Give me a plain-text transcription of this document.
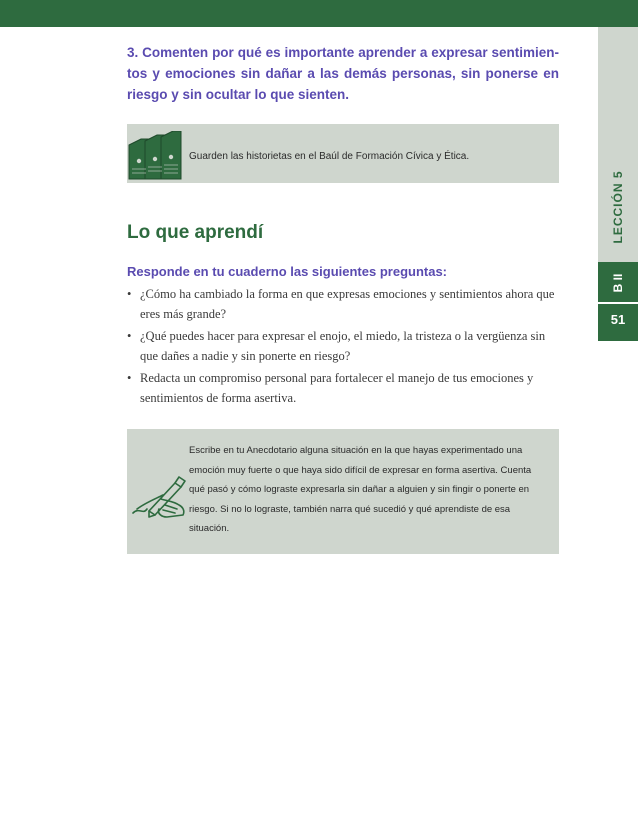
LECCIÓN 5
B II
51

3. Comenten por qué es importante aprender a expresar sentimientos y emociones sin dañar a las demás personas, sin ponerse en riesgo y sin ocultar lo que sienten.

Guarden las historietas en el Baúl de Formación Cívica y Ética.
Lo que aprendí

Responde en tu cuaderno las siguientes preguntas:

• ¿Cómo ha cambiado la forma en que expresas emociones y sentimientos ahora que eres más grande?
• ¿Qué puedes hacer para expresar el enojo, el miedo, la tristeza o la vergüenza sin que dañes a nadie y sin ponerte en riesgo?
• Redacta un compromiso personal para fortalecer el manejo de tus emociones y sentimientos de forma asertiva.

Escribe en tu Anecdotario alguna situación en la que hayas experimentado una emoción muy fuerte o que haya sido difícil de expresar en forma asertiva. Cuenta qué pasó y cómo lograste expresarla sin dañar a alguien y sin fingir o ponerte en riesgo. Si no lo lograste, también narra qué sucedió y qué aprendiste de esa situación.
